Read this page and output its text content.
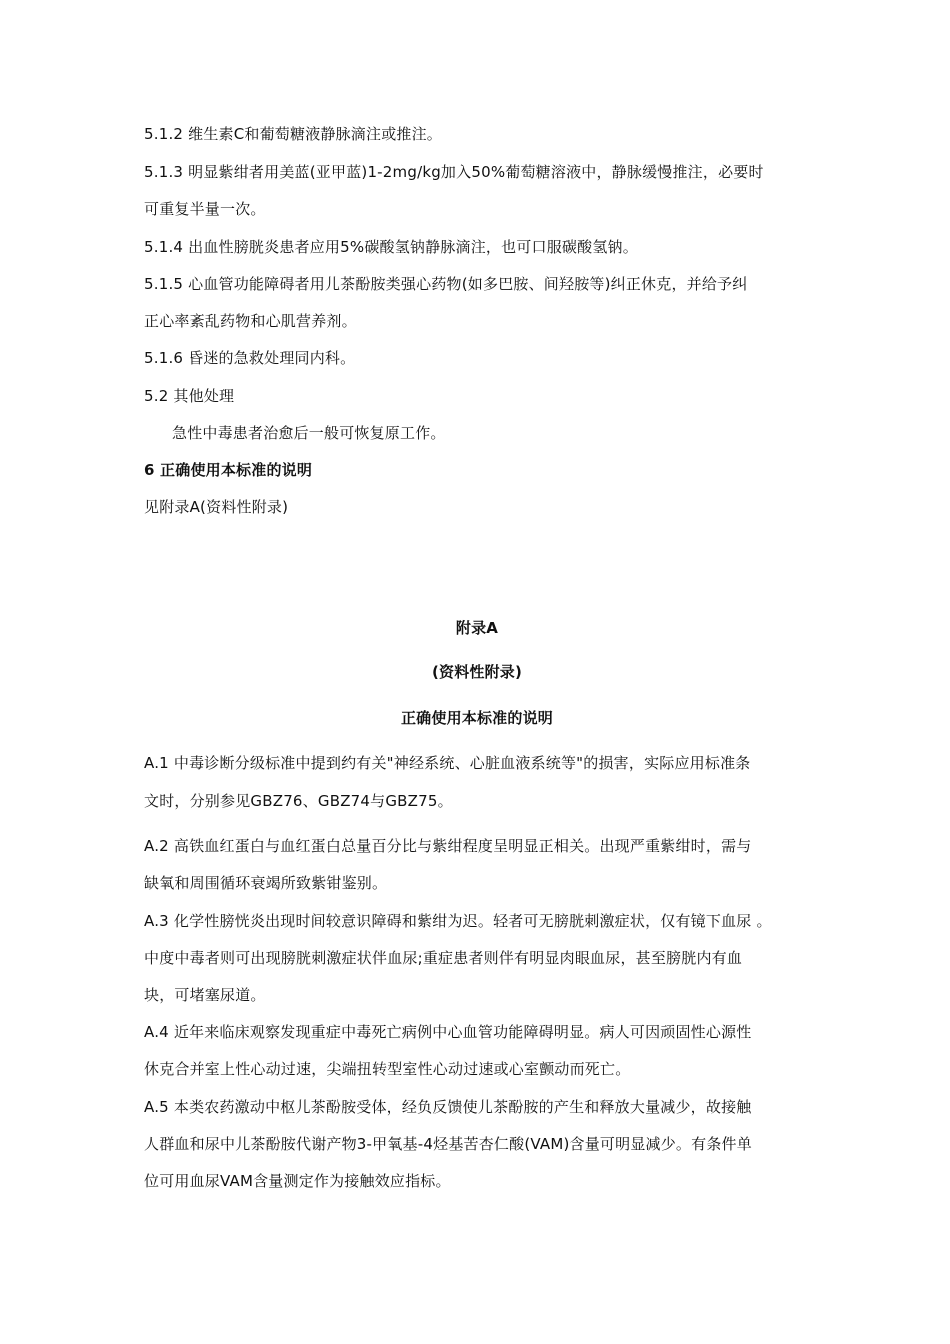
5.1.2 维生素C和葡萄糖液静脉滴注或推注。
5.1.3 明显紫绀者用美蓝(亚甲蓝)1-2mg/kg加入50%葡萄糖溶液中，静脉缓慢推注，必要时
可重复半量一次。
5.1.4 出血性膀胱炎患者应用5%碳酸氢钠静脉滴注，也可口服碳酸氢钠。
5.1.5 心血管功能障碍者用儿茶酚胺类强心药物(如多巴胺、间羟胺等)纠正休克，并给予纠
正心率紊乱药物和心肌营养剂。
5.1.6 昏迷的急救处理同内科。
5.2 其他处理
急性中毒患者治愈后一般可恢复原工作。
6 正确使用本标准的说明
见附录A(资料性附录)
附录A
(资料性附录)
正确使用本标准的说明
A.1 中毒诊断分级标准中提到约有关"神经系统、心脏血液系统等"的损害，实际应用标准条
文时，分别参见GBZ76、GBZ74与GBZ75。
A.2 高铁血红蛋白与血红蛋白总量百分比与紫绀程度呈明显正相关。出现严重紫绀时，需与
缺氧和周围循环衰竭所致紫钳鉴别。
A.3 化学性膀恍炎出现时间较意识障碍和紫绀为迟。轻者可无膀胱刺激症状，仅有镜下血尿 。
中度中毒者则可出现膀胱刺激症状伴血尿;重症患者则伴有明显肉眼血尿，甚至膀胱内有血
块，可堵塞尿道。
A.4 近年来临床观察发现重症中毒死亡病例中心血管功能障碍明显。病人可因顽固性心源性
休克合并室上性心动过速，尖端扭转型室性心动过速或心室颤动而死亡。
A.5 本类农药激动中枢儿茶酚胺受体，经负反馈使儿茶酚胺的产生和释放大量减少，故接触
人群血和尿中儿茶酚胺代谢产物3-甲氧基-4烃基苦杏仁酸(VAM)含量可明显减少。有条件单
位可用血尿VAM含量测定作为接触效应指标。
